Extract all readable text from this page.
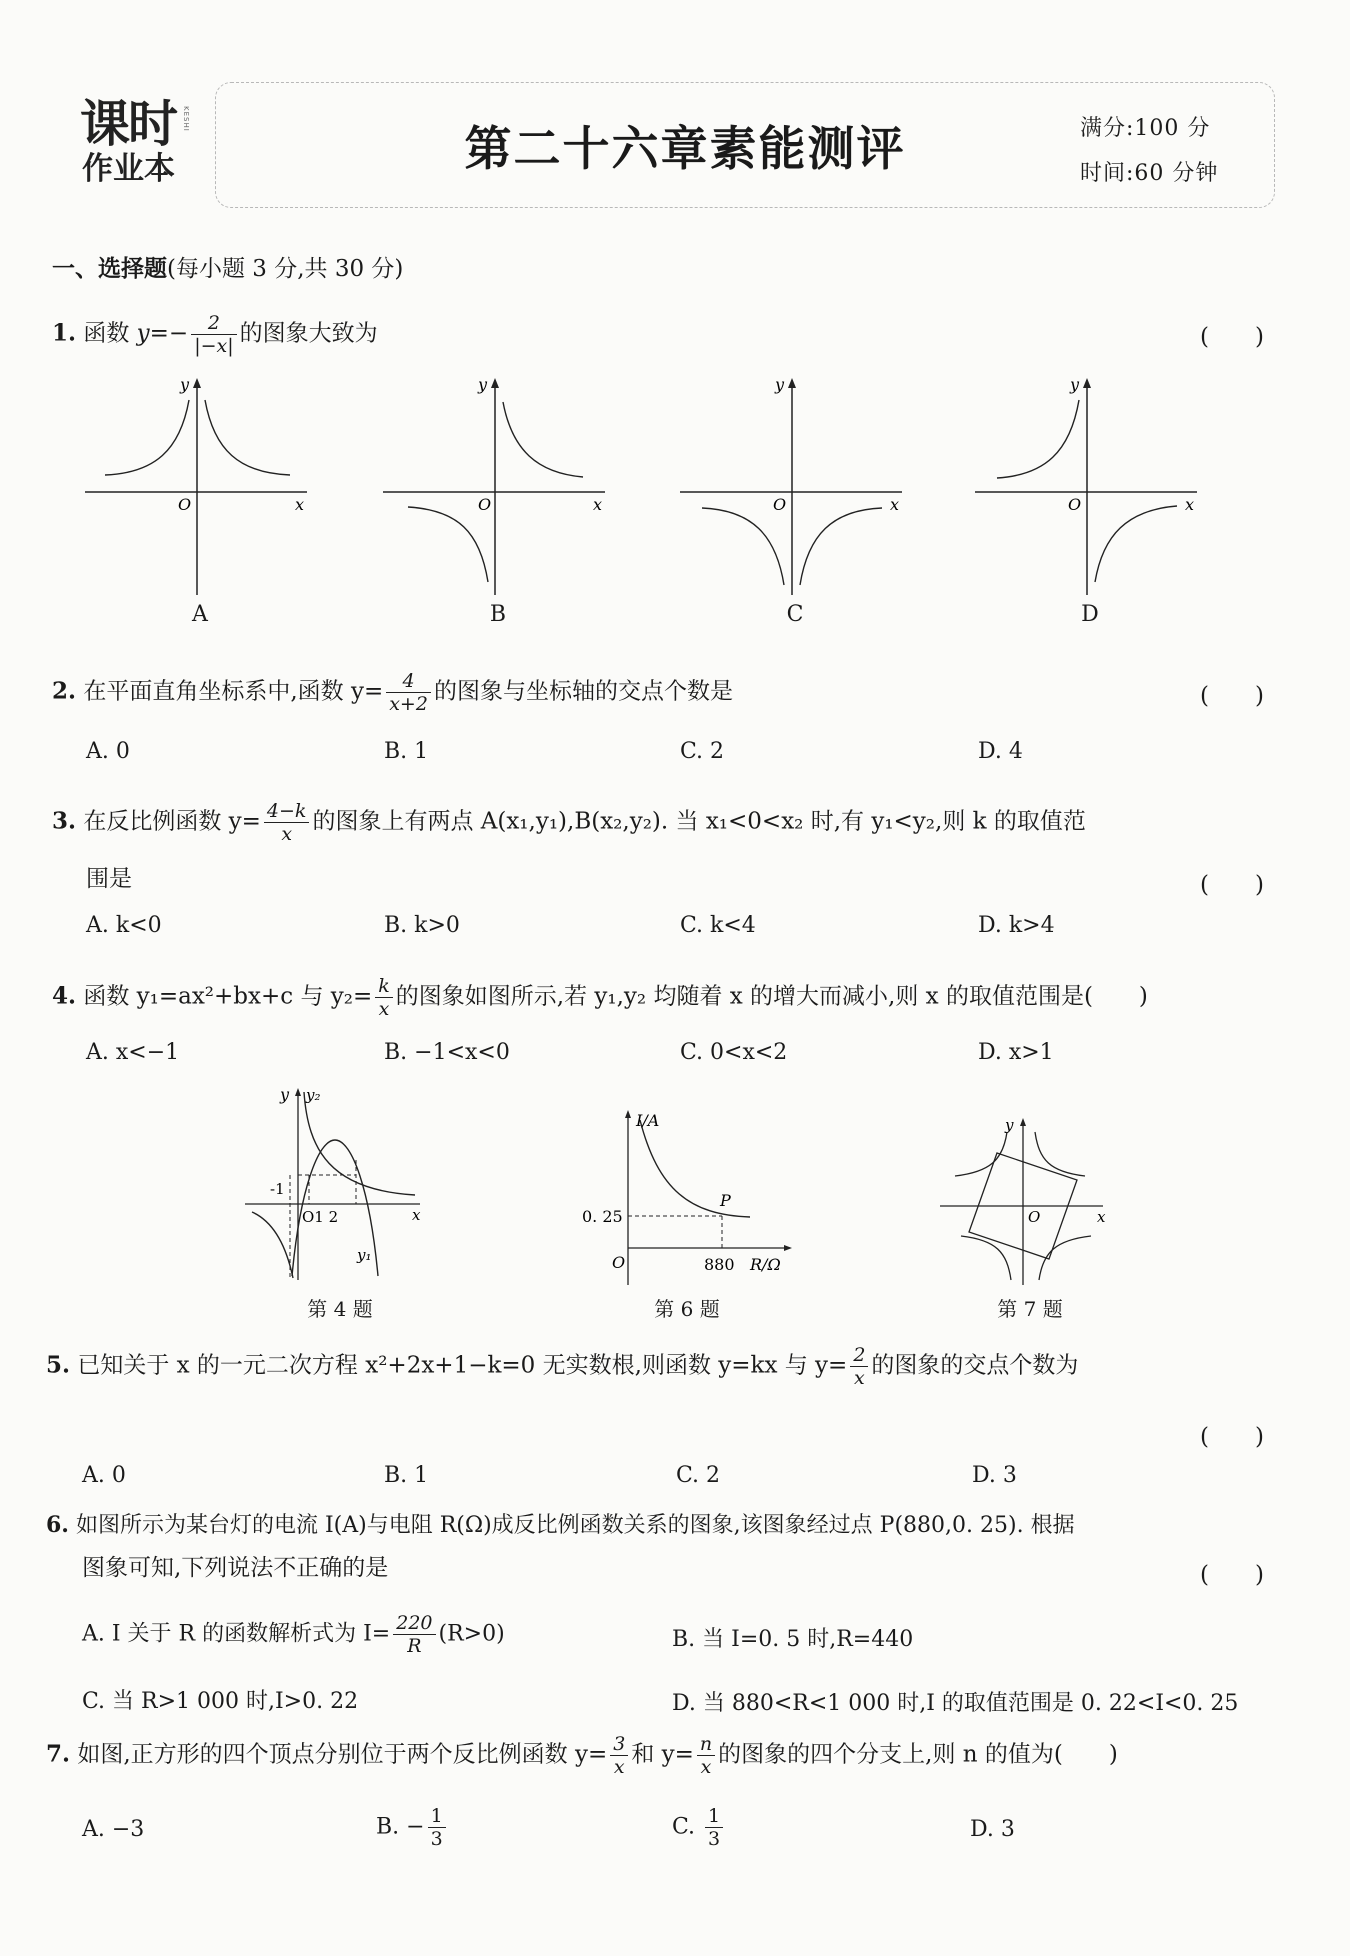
课时
作业本
KESHI
第二十六章素能测评	满分:100 分
时间:60 分钟
一、选择题(每小题 3 分,共 30 分)
1. 函数 $y=- \frac{2}{|-x|}$ 的图象大致为	(　　)
y
O	x
y
O	x
y
O	x
y
O	x
A	B	C	D
2. 在平面直角坐标系中,函数 $y= \frac{4}{x+2}$ 的图象与坐标轴的交点个数是	(　　)
A. 0	B. 1	C. 2	D. 4
3. 在反比例函数 $y= \frac{4-k}{x}$ 的图象上有两点 A(x₁,y₁),B(x₂,y₂). 当 x₁<0<x₂ 时,有 y₁<y₂,则 k 的取值范
围是	(　　)
A. k<0	B. k>0	C. k<4	D. k>4
4. 函数 y₁=ax²+bx+c 与 $y_2= \frac{k}{x}$ 的图象如图所示,若 y₁,y₂ 均随着 x 的增大而减小,则 x 的取值范围是(　　)
A. x<−1	B. −1<x<0	C. 0<x<2	D. x>1
y y₂
-1
O1 2	x
y₁
第 4 题
I/A
P
0. 25
880 R/Ω
O
第 6 题
y
O	x
第 7 题
5. 已知关于 x 的一元二次方程 x²+2x+1−k=0 无实数根,则函数 y=kx 与 $y= \frac{2}{x}$ 的图象的交点个数为
(　　)
A. 0	B. 1	C. 2	D. 3
6. 如图所示为某台灯的电流 I(A)与电阻 R(Ω)成反比例函数关系的图象,该图象经过点 P(880,0. 25). 根据
图象可知,下列说法不正确的是	(　　)
A. I 关于 R 的函数解析式为 $I= \frac{220}{R} (R>0)$	B. 当 I=0. 5 时,R=440
C. 当 R>1 000 时,I>0. 22	D. 当 880<R<1 000 时,I 的取值范围是 0. 22<I<0. 25
7. 如图,正方形的四个顶点分别位于两个反比例函数 $y= \frac{3}{x}$ 和 $y= \frac{n}{x}$ 的图象的四个分支上,则 n 的值为(　　)
A. −3	B. − $\frac{1}{3}$	C. $\frac{1}{3}$	D. 3
